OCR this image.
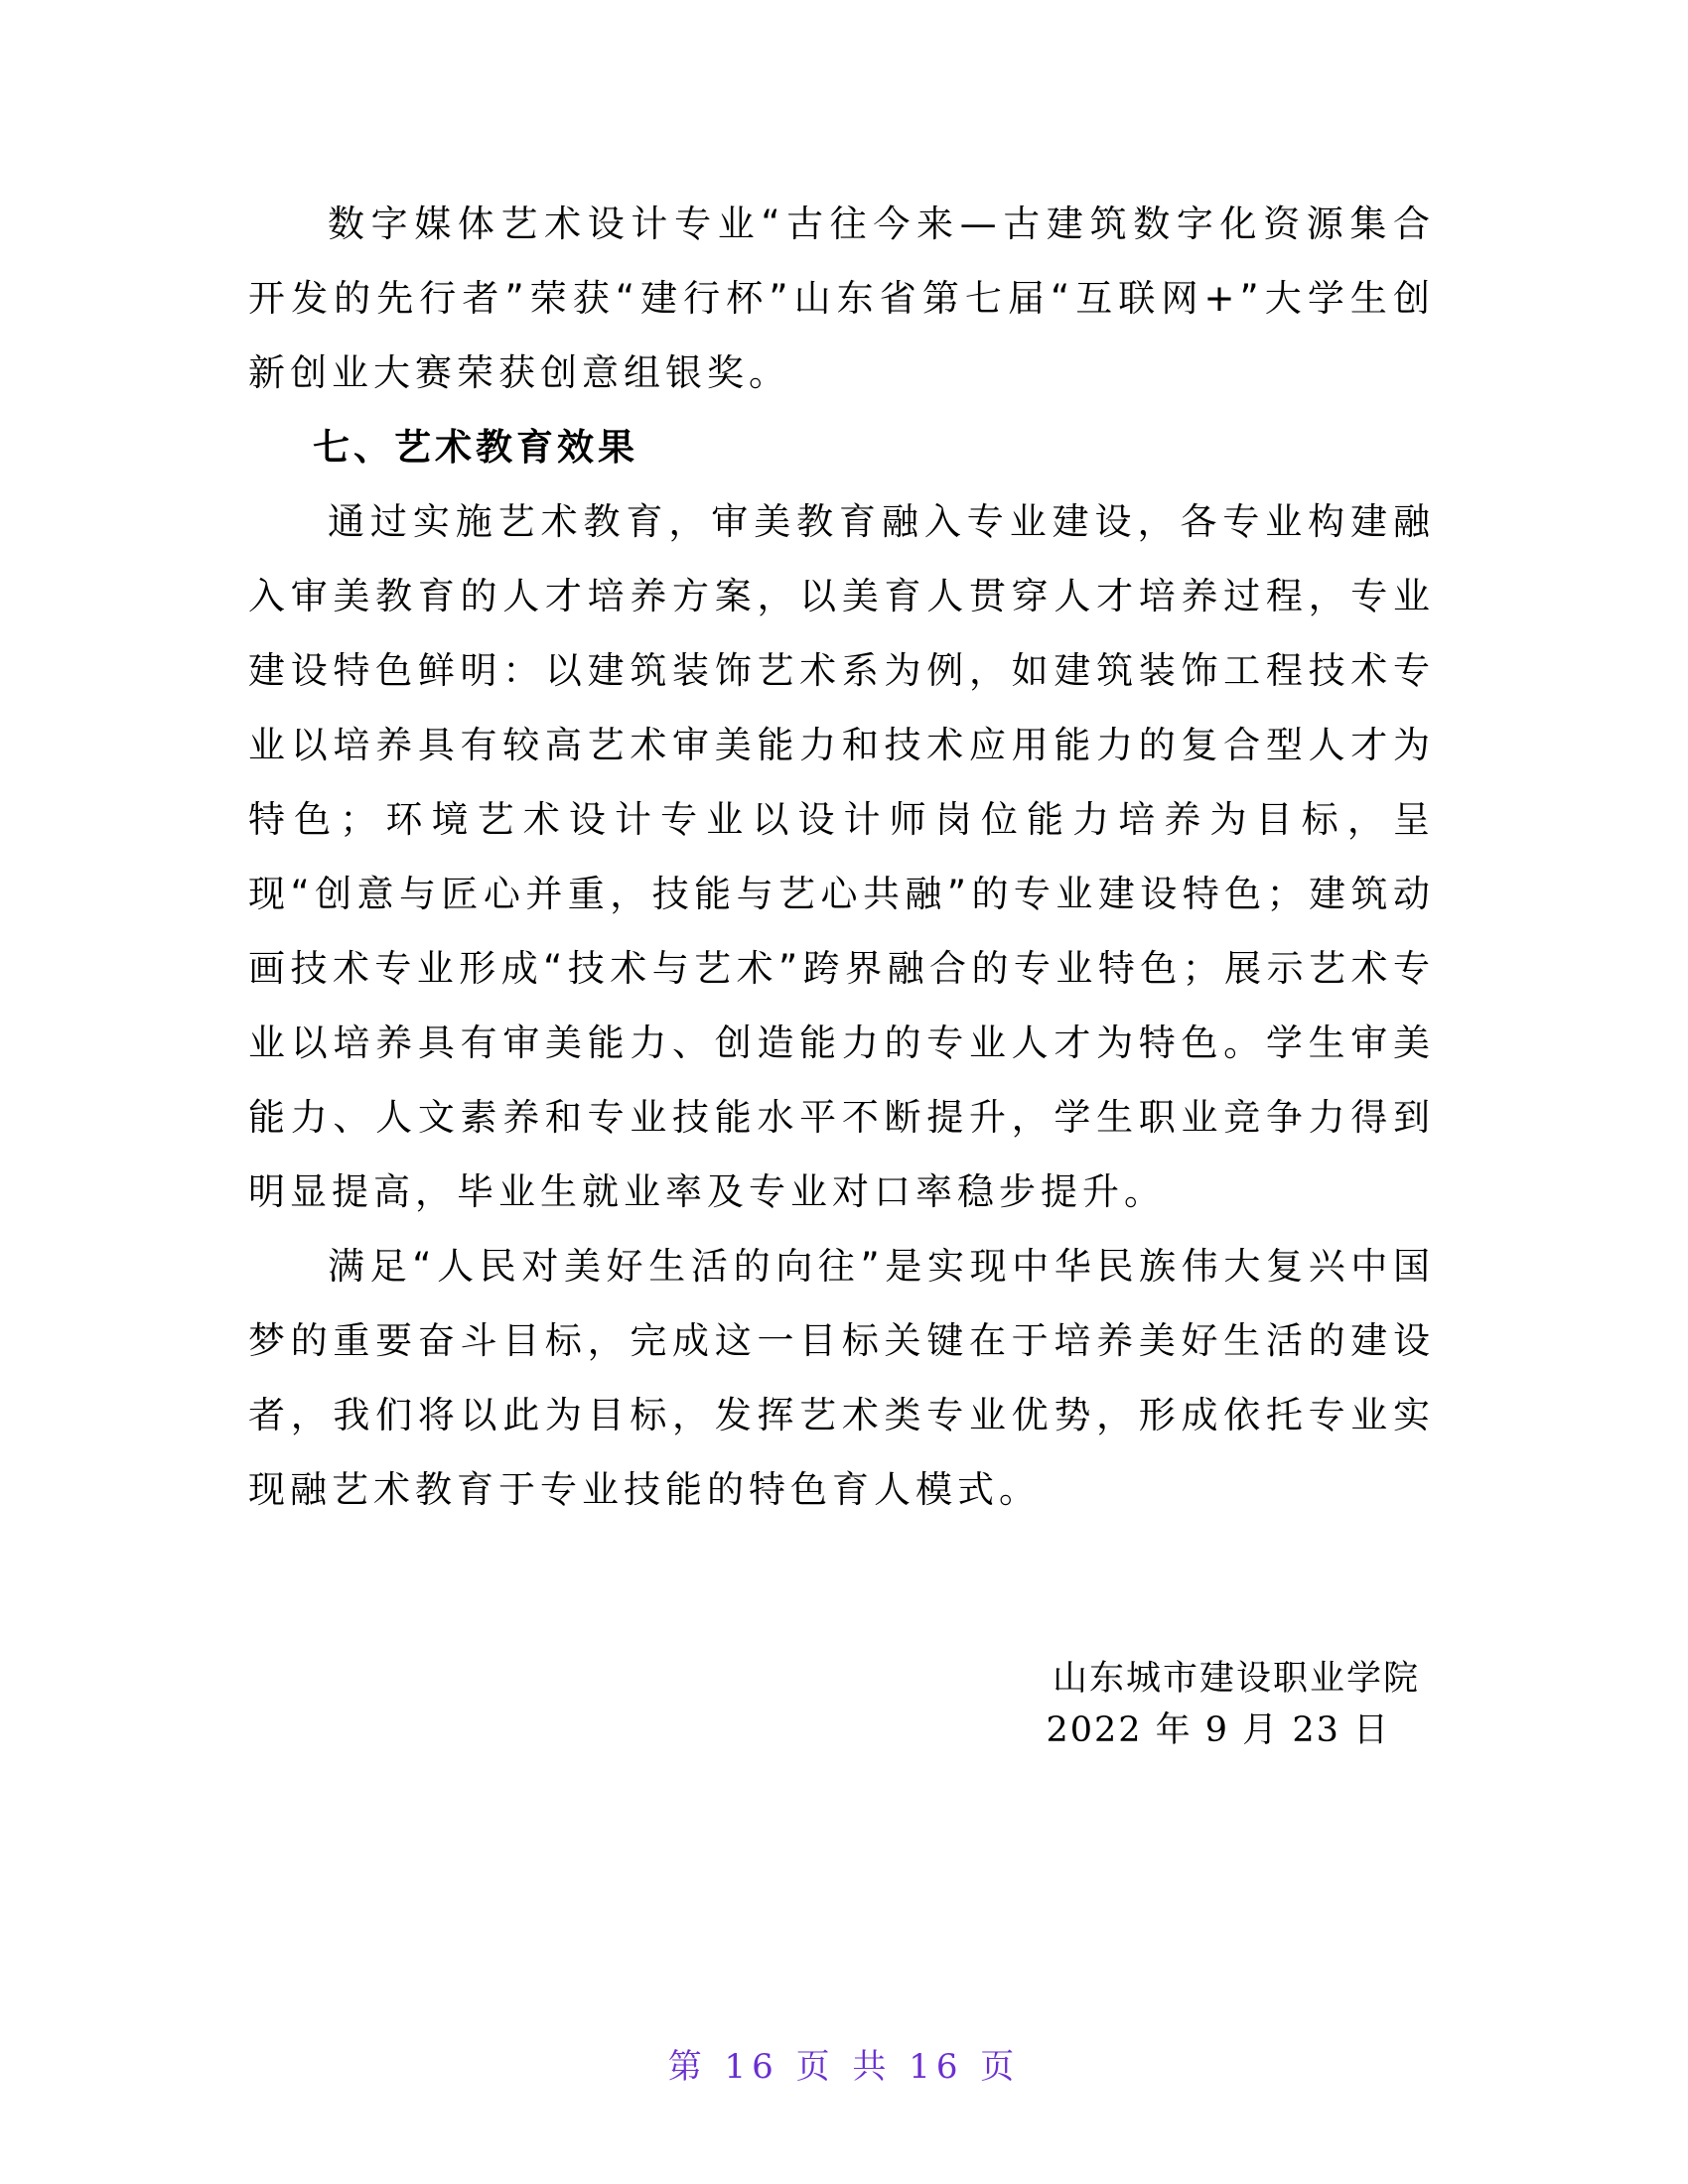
数字媒体艺术设计专业“古往今来—古建筑数字化资源集合开发的先行者”荣获“建行杯”山东省第七届“互联网+”大学生创新创业大赛荣获创意组银奖。

七、艺术教育效果

通过实施艺术教育，审美教育融入专业建设，各专业构建融入审美教育的人才培养方案，以美育人贯穿人才培养过程，专业建设特色鲜明：以建筑装饰艺术系为例，如建筑装饰工程技术专业以培养具有较高艺术审美能力和技术应用能力的复合型人才为特色；环境艺术设计专业以设计师岗位能力培养为目标，呈现“创意与匠心并重，技能与艺心共融”的专业建设特色；建筑动画技术专业形成“技术与艺术”跨界融合的专业特色；展示艺术专业以培养具有审美能力、创造能力的专业人才为特色。学生审美能力、人文素养和专业技能水平不断提升，学生职业竞争力得到明显提高，毕业生就业率及专业对口率稳步提升。

满足“人民对美好生活的向往”是实现中华民族伟大复兴中国梦的重要奋斗目标，完成这一目标关键在于培养美好生活的建设者，我们将以此为目标，发挥艺术类专业优势，形成依托专业实现融艺术教育于专业技能的特色育人模式。

山东城市建设职业学院
2022 年 9 月 23 日
第 16 页 共 16 页
